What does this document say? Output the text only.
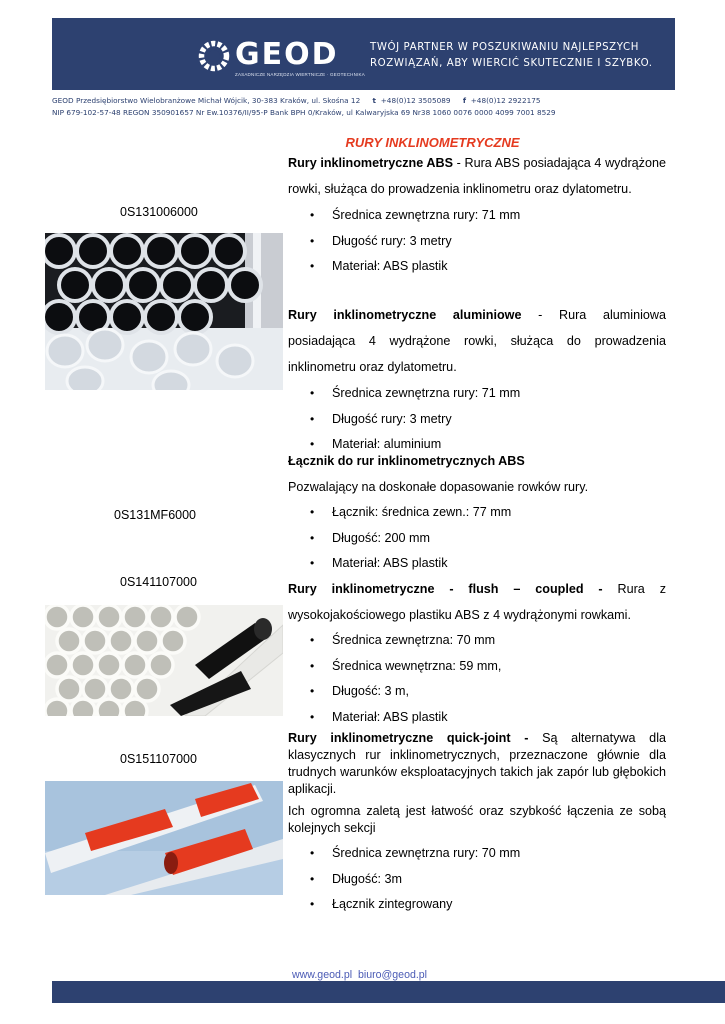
GEOD
ZASADNICZE NARZĘDZIA WIERTNICZE · GEOTECHNIKA
TWÓJ PARTNER W POSZUKIWANIU NAJLEPSZYCH
ROZWIĄZAŃ, ABY WIERCIĆ SKUTECZNIE I SZYBKO.
GEOD Przedsiębiorstwo Wielobranżowe Michał Wójcik, 30-383 Kraków, ul. Skośna 12 t +48(0)12 3505089 f +48(0)12 2922175
NIP 679-102-57-48 REGON 350901657 Nr Ew.10376/II/95-P Bank BPH 0/Kraków, ul Kalwaryjska 69 Nr38 1060 0076 0000 4099 7001 8529
RURY INKLINOMETRYCZNE
0S131006000
0S131MF6000
0S141107000
0S151107000

Rury inklinometryczne ABS - Rura ABS posiadająca 4 wydrążone rowki, służąca do prowadzenia inklinometru oraz dylatometru.

• Średnica zewnętrzna rury: 71 mm
• Długość rury: 3 metry
• Materiał: ABS plastik

Rury inklinometryczne aluminiowe - Rura aluminiowa posiadająca 4 wydrążone rowki, służąca do prowadzenia inklinometru oraz dylatometru.

• Średnica zewnętrzna rury: 71 mm
• Długość rury: 3 metry
• Materiał: aluminium

Łącznik do rur inklinometrycznych ABS

Pozwalający na doskonałe dopasowanie rowków rury.

• Łącznik: średnica zewn.: 77 mm
• Długość: 200 mm
• Materiał: ABS plastik

Rury inklinometryczne - flush – coupled - Rura z wysokojakościowego plastiku ABS z 4 wydrążonymi rowkami.

• Średnica zewnętrzna: 70 mm
• Średnica wewnętrzna: 59 mm,
• Długość: 3 m,
• Materiał: ABS plastik

Rury inklinometryczne quick-joint - Są alternatywa dla klasycznych rur inklinometrycznych, przeznaczone głównie dla trudnych warunków eksploatacyjnych takich jak zapór lub głębokich aplikacji.

Ich ogromna zaletą jest łatwość oraz szybkość łączenia ze sobą kolejnych sekcji

• Średnica zewnętrzna rury: 70 mm
• Długość: 3m
• Łącznik zintegrowany
www.geod.pl biuro@geod.pl
